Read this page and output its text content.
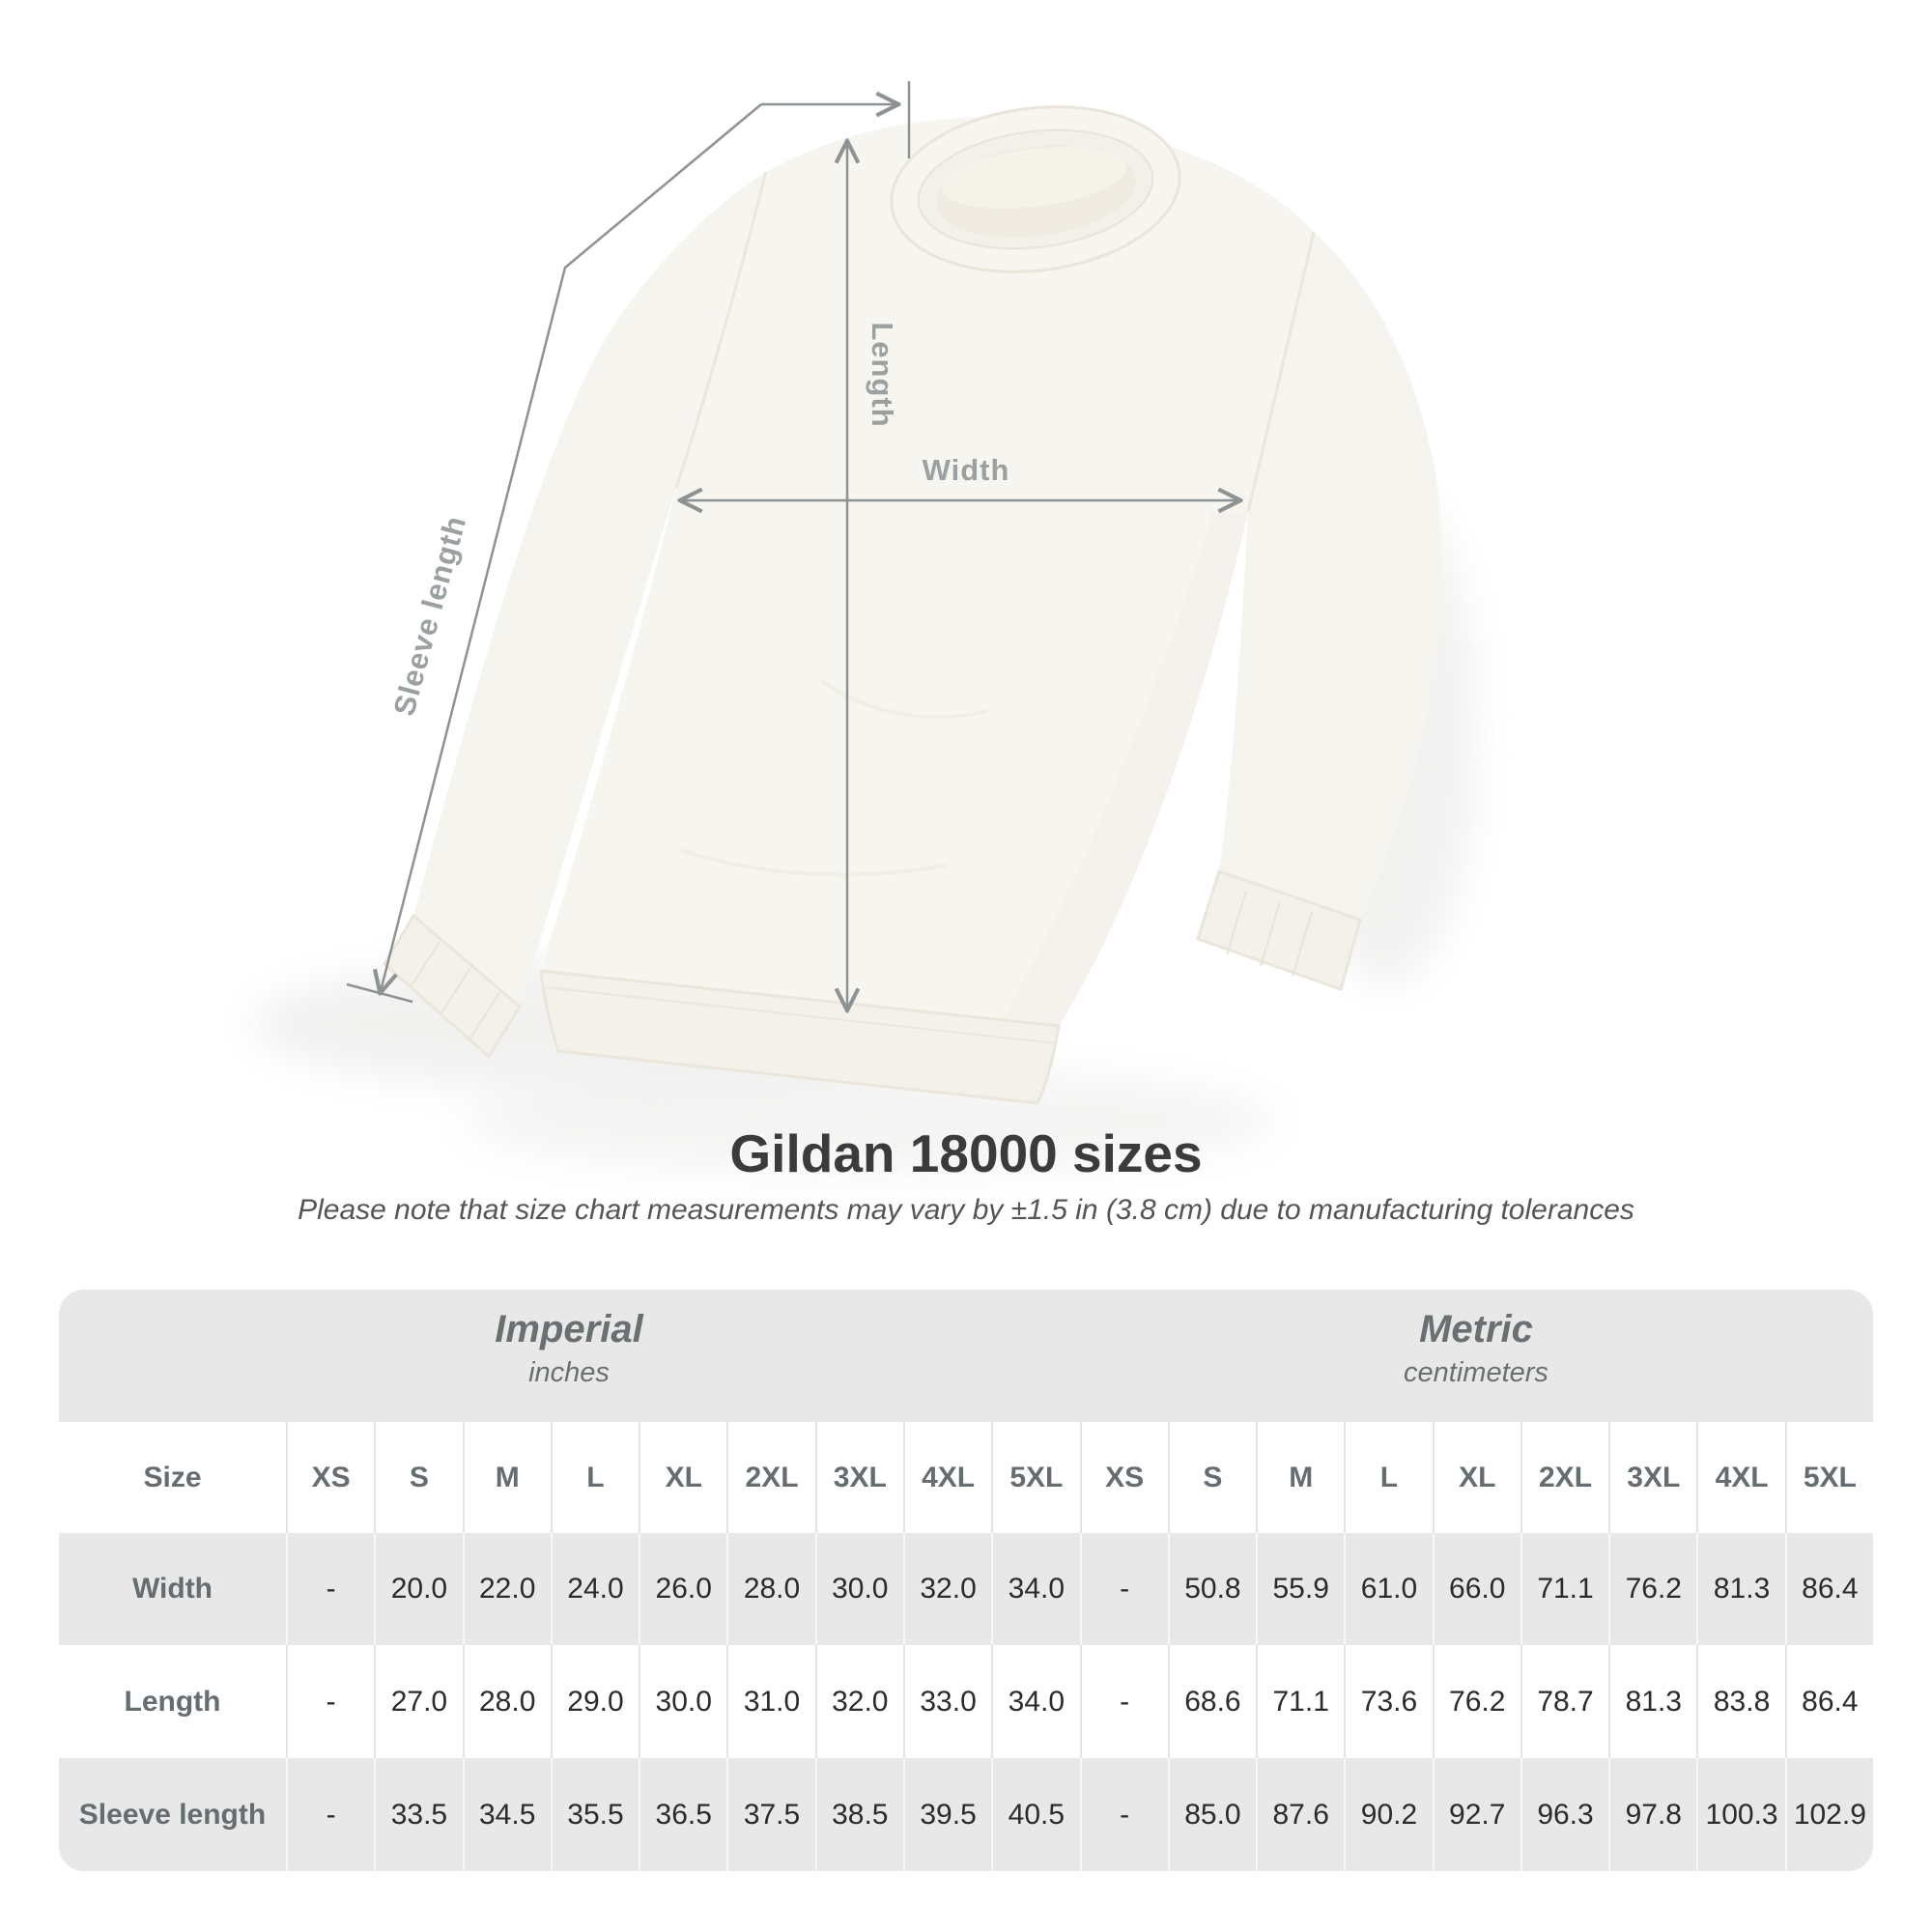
Width
Length
Sleeve length
Gildan 18000 sizes
Please note that size chart measurements may vary by ±1.5 in (3.8 cm) due to manufacturing tolerances
Imperial
inches
Metric
centimeters
Size	XS	S	M	L	XL	2XL	3XL	4XL	5XL	XS	S	M	L	XL	2XL	3XL	4XL	5XL
Width	-	20.0	22.0	24.0	26.0	28.0	30.0	32.0	34.0	-	50.8	55.9	61.0	66.0	71.1	76.2	81.3	86.4
Length	-	27.0	28.0	29.0	30.0	31.0	32.0	33.0	34.0	-	68.6	71.1	73.6	76.2	78.7	81.3	83.8	86.4
Sleeve length	-	33.5	34.5	35.5	36.5	37.5	38.5	39.5	40.5	-	85.0	87.6	90.2	92.7	96.3	97.8 100.3 102.9
